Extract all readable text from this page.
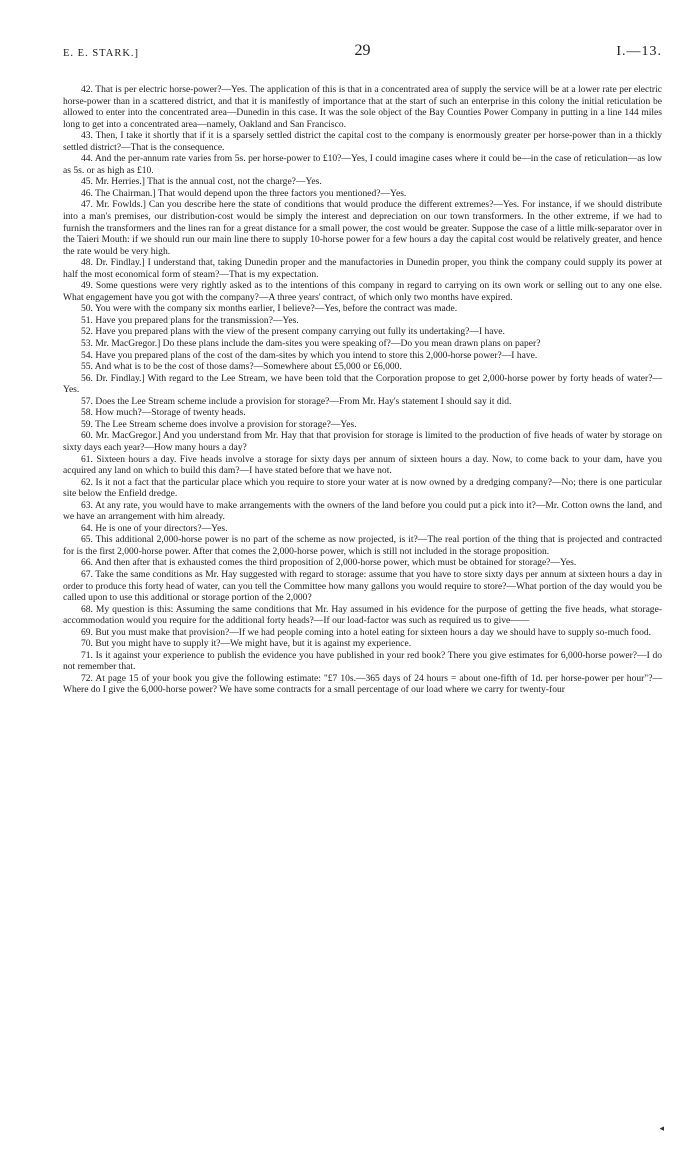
E. E. STARK.]	29	I.—13.

42. That is per electric horse-power?—Yes. The application of this is that in a concentrated area of supply the service will be at a lower rate per electric horse-power than in a scattered district, and that it is manifestly of importance that at the start of such an enterprise in this colony the initial reticulation be allowed to enter into the concentrated area—Dunedin in this case. It was the sole object of the Bay Counties Power Company in putting in a line 144 miles long to get into a concentrated area—namely, Oakland and San Francisco.

43. Then, I take it shortly that if it is a sparsely settled district the capital cost to the company is enormously greater per horse-power than in a thickly settled district?—That is the consequence.

44. And the per-annum rate varies from 5s. per horse-power to £10?—Yes, I could imagine cases where it could be—in the case of reticulation—as low as 5s. or as high as £10.

45. Mr. Herries.] That is the annual cost, not the charge?—Yes.

46. The Chairman.] That would depend upon the three factors you mentioned?—Yes.

47. Mr. Fowlds.] Can you describe here the state of conditions that would produce the different extremes?—Yes. For instance, if we should distribute into a man's premises, our distribution-cost would be simply the interest and depreciation on our town transformers. In the other extreme, if we had to furnish the transformers and the lines ran for a great distance for a small power, the cost would be greater. Suppose the case of a little milk-separator over in the Taieri Mouth: if we should run our main line there to supply 10-horse power for a few hours a day the capital cost would be relatively greater, and hence the rate would be very high.

48. Dr. Findlay.] I understand that, taking Dunedin proper and the manufactories in Dunedin proper, you think the company could supply its power at half the most economical form of steam?—That is my expectation.

49. Some questions were very rightly asked as to the intentions of this company in regard to carrying on its own work or selling out to any one else. What engagement have you got with the company?—A three years' contract, of which only two months have expired.

50. You were with the company six months earlier, I believe?—Yes, before the contract was made.

51. Have you prepared plans for the transmission?—Yes.

52. Have you prepared plans with the view of the present company carrying out fully its undertaking?—I have.

53. Mr. MacGregor.] Do these plans include the dam-sites you were speaking of?—Do you mean drawn plans on paper?

54. Have you prepared plans of the cost of the dam-sites by which you intend to store this 2,000-horse power?—I have.

55. And what is to be the cost of those dams?—Somewhere about £5,000 or £6,000.

56. Dr. Findlay.] With regard to the Lee Stream, we have been told that the Corporation propose to get 2,000-horse power by forty heads of water?—Yes.

57. Does the Lee Stream scheme include a provision for storage?—From Mr. Hay's statement I should say it did.

58. How much?—Storage of twenty heads.

59. The Lee Stream scheme does involve a provision for storage?—Yes.

60. Mr. MacGregor.] And you understand from Mr. Hay that that provision for storage is limited to the production of five heads of water by storage on sixty days each year?—How many hours a day?

61. Sixteen hours a day. Five heads involve a storage for sixty days per annum of sixteen hours a day. Now, to come back to your dam, have you acquired any land on which to build this dam?—I have stated before that we have not.

62. Is it not a fact that the particular place which you require to store your water at is now owned by a dredging company?—No; there is one particular site below the Enfield dredge.

63. At any rate, you would have to make arrangements with the owners of the land before you could put a pick into it?—Mr. Cotton owns the land, and we have an arrangement with him already.

64. He is one of your directors?—Yes.

65. This additional 2,000-horse power is no part of the scheme as now projected, is it?—The real portion of the thing that is projected and contracted for is the first 2,000-horse power. After that comes the 2,000-horse power, which is still not included in the storage proposition.

66. And then after that is exhausted comes the third proposition of 2,000-horse power, which must be obtained for storage?—Yes.

67. Take the same conditions as Mr. Hay suggested with regard to storage: assume that you have to store sixty days per annum at sixteen hours a day in order to produce this forty head of water, can you tell the Committee how many gallons you would require to store?—What portion of the day would you be called upon to use this additional or storage portion of the 2,000?

68. My question is this: Assuming the same conditions that Mr. Hay assumed in his evidence for the purpose of getting the five heads, what storage-accommodation would you require for the additional forty heads?—If our load-factor was such as required us to give——

69. But you must make that provision?—If we had people coming into a hotel eating for sixteen hours a day we should have to supply so-much food.

70. But you might have to supply it?—We might have, but it is against my experience.

71. Is it against your experience to publish the evidence you have published in your red book? There you give estimates for 6,000-horse power?—I do not remember that.

72. At page 15 of your book you give the following estimate: "£7 10s.—365 days of 24 hours = about one-fifth of 1d. per horse-power per hour"?—Where do I give the 6,000-horse power? We have some contracts for a small percentage of our load where we carry for twenty-four

◂
